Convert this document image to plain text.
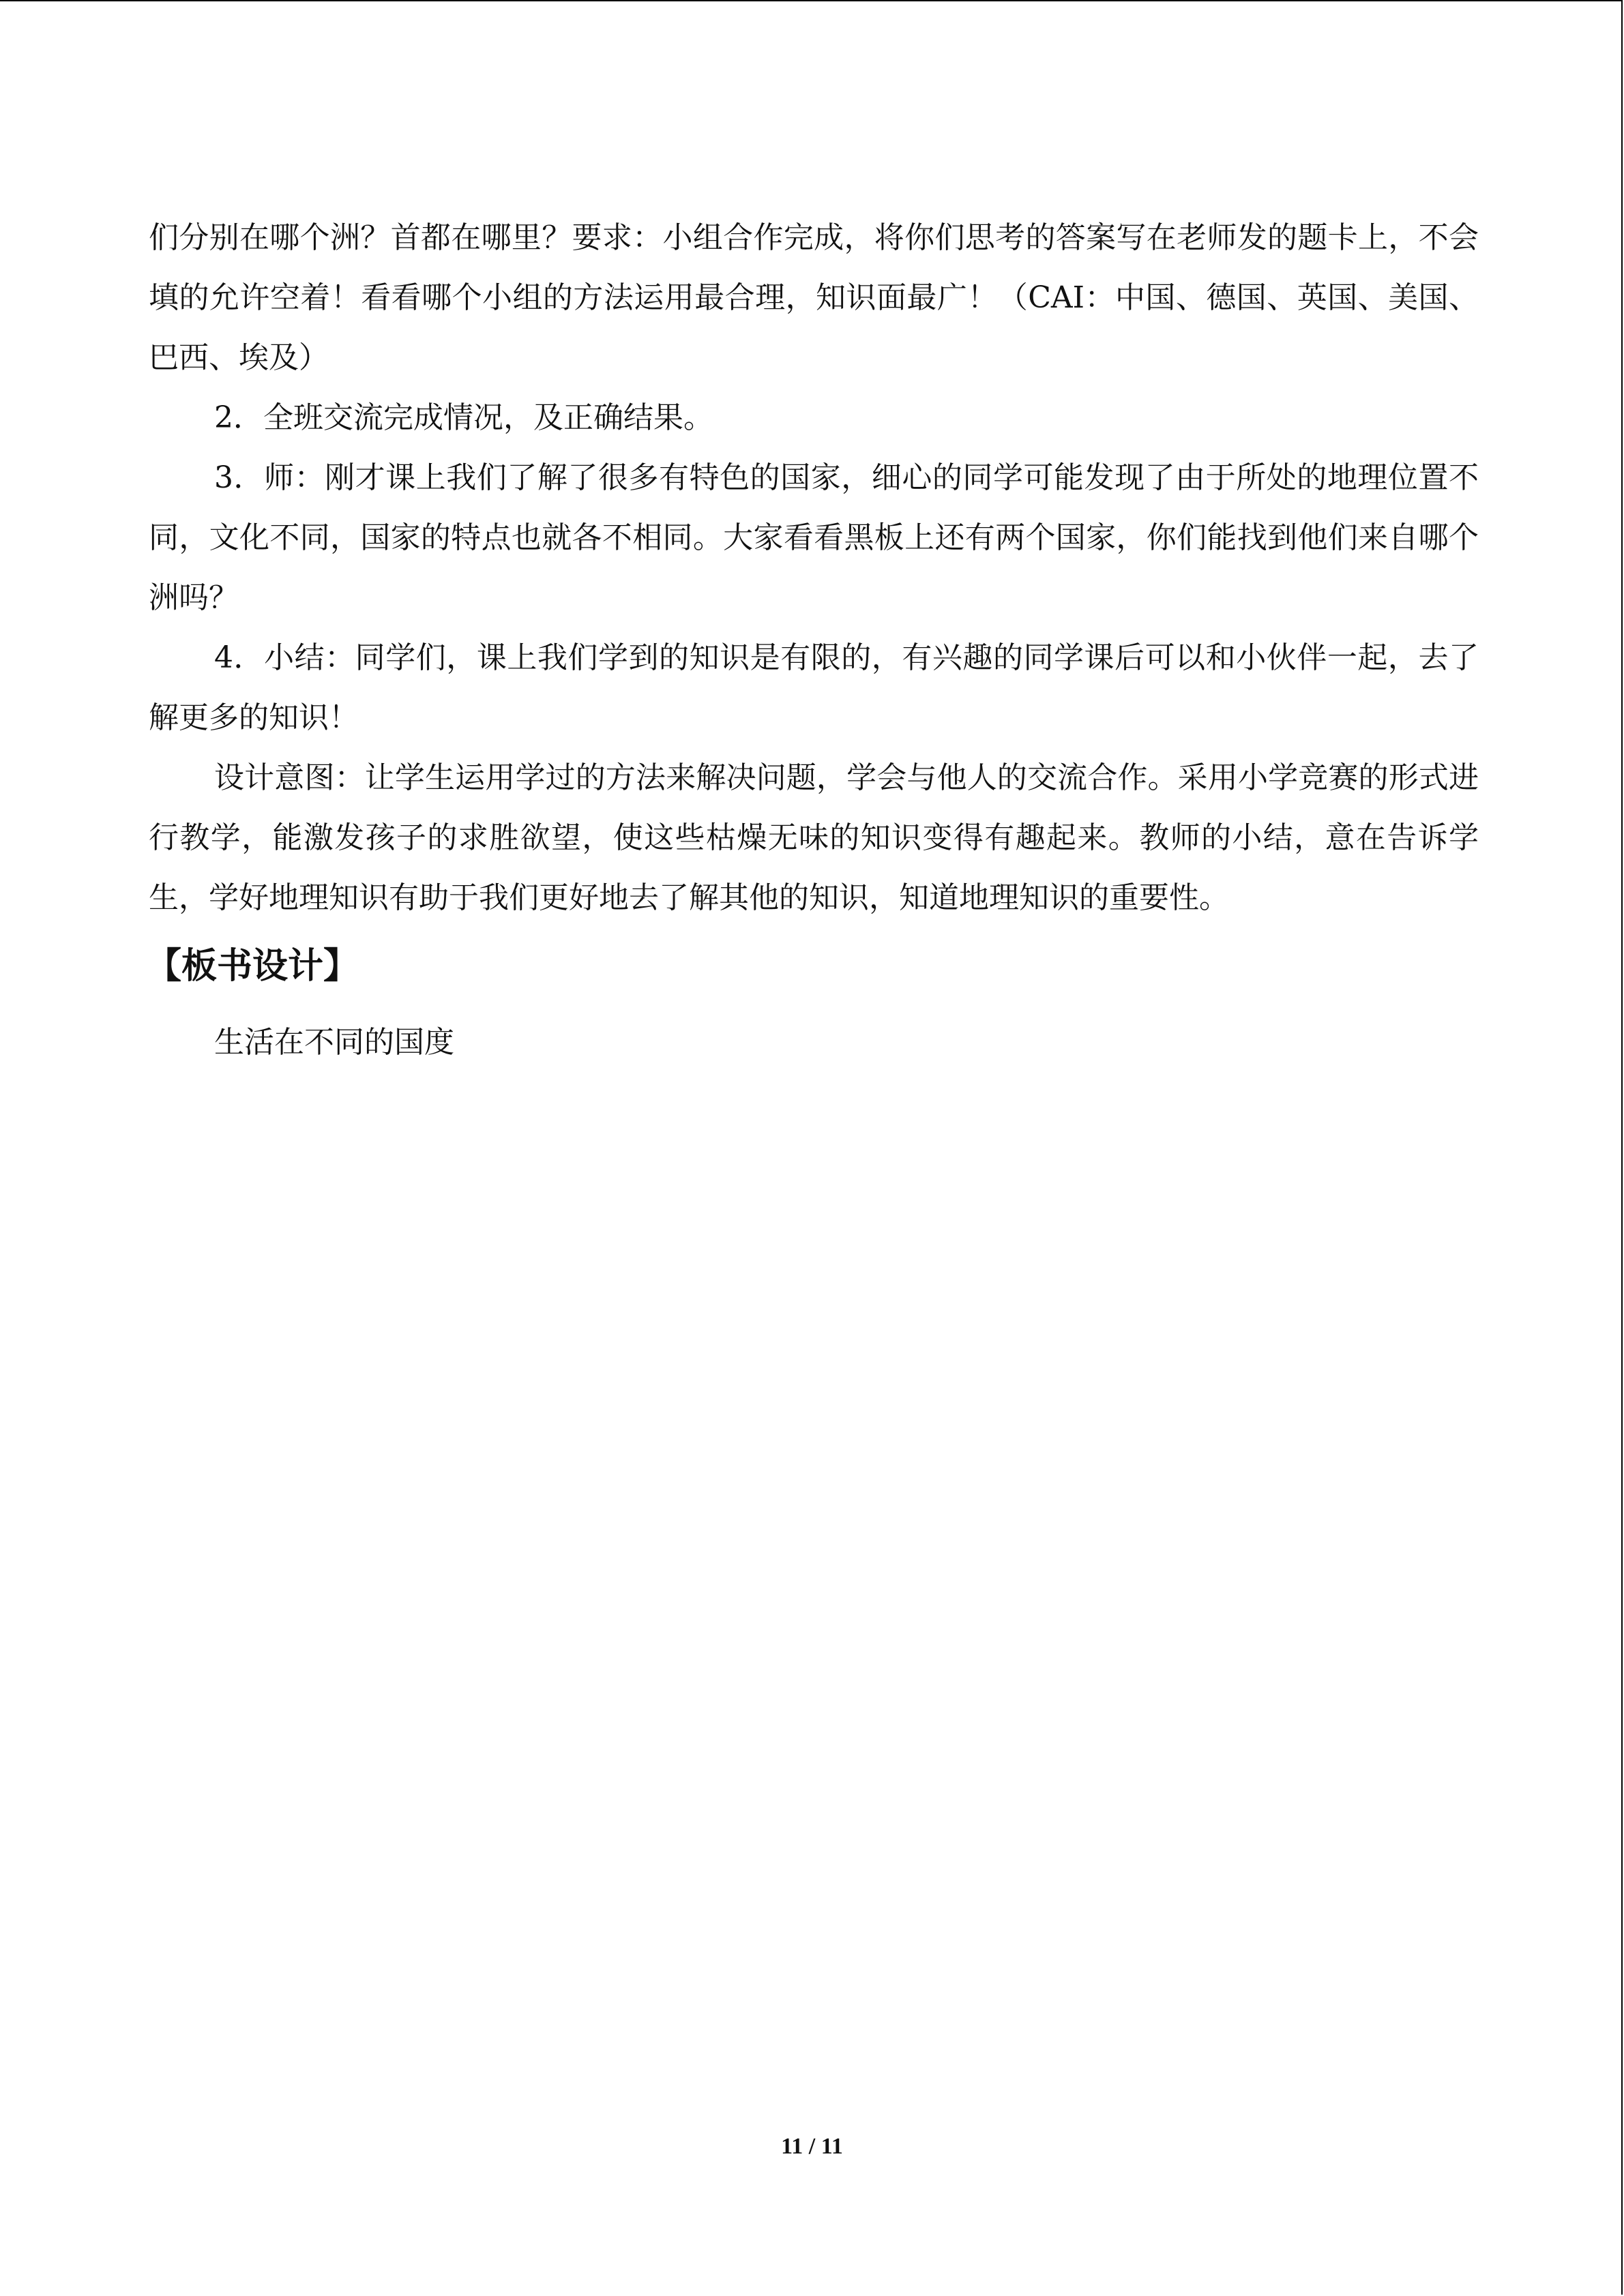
们分别在哪个洲？首都在哪里？要求：小组合作完成，将你们思考的答案写在老师发的题卡上，不会填的允许空着！看看哪个小组的方法运用最合理，知识面最广！（CAI：中国、德国、英国、美国、巴西、埃及）

2．全班交流完成情况，及正确结果。

3．师：刚才课上我们了解了很多有特色的国家，细心的同学可能发现了由于所处的地理位置不同，文化不同，国家的特点也就各不相同。大家看看黑板上还有两个国家，你们能找到他们来自哪个洲吗？

4．小结：同学们，课上我们学到的知识是有限的，有兴趣的同学课后可以和小伙伴一起，去了解更多的知识！

设计意图：让学生运用学过的方法来解决问题，学会与他人的交流合作。采用小学竞赛的形式进行教学，能激发孩子的求胜欲望，使这些枯燥无味的知识变得有趣起来。教师的小结，意在告诉学生，学好地理知识有助于我们更好地去了解其他的知识，知道地理知识的重要性。

【板书设计】

生活在不同的国度

11 / 11
